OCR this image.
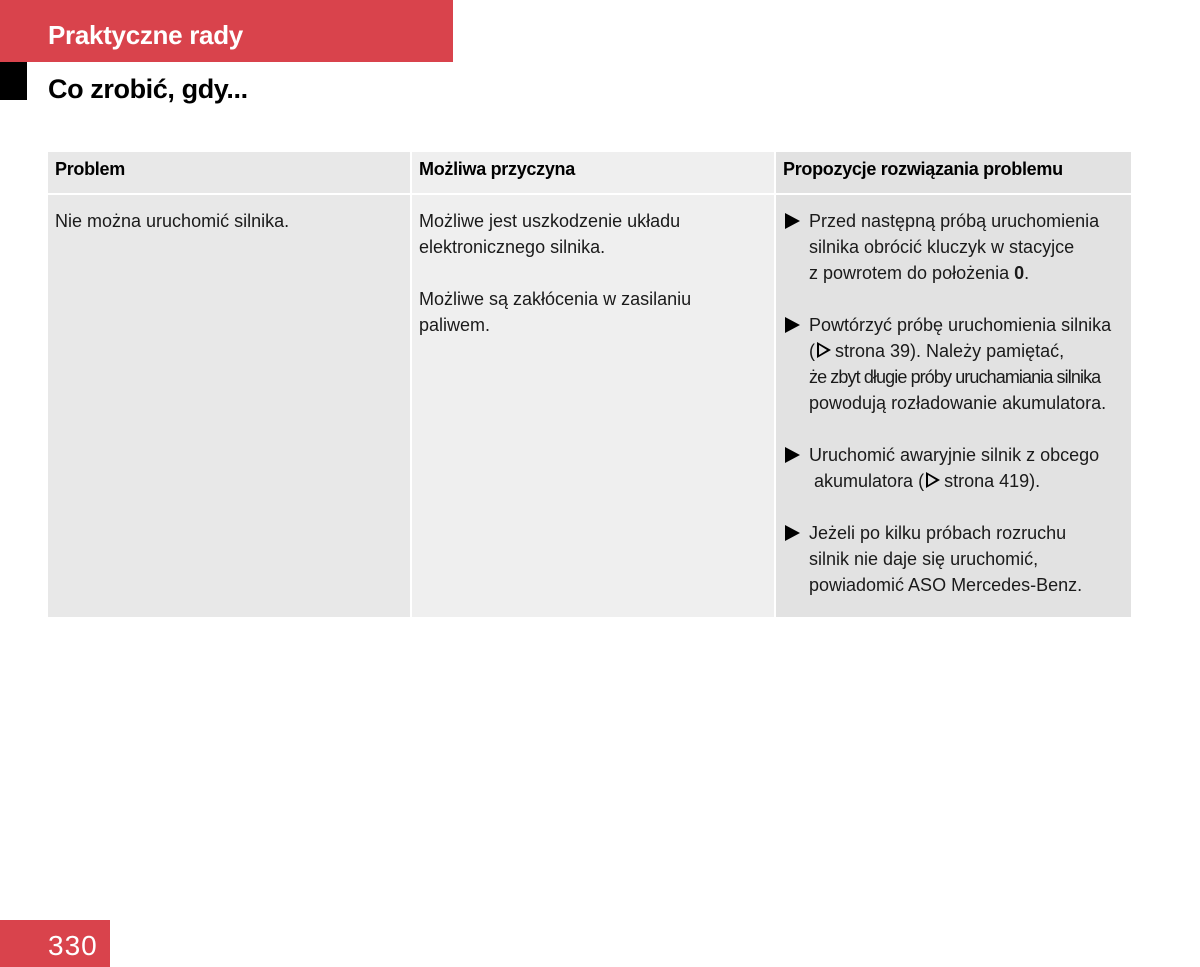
Praktyczne rady
Co zrobić, gdy...
Problem

Nie można uruchomić silnika.

Możliwa przyczyna

Możliwe jest uszkodzenie układu elektronicznego silnika.

Możliwe są zakłócenia w zasilaniu paliwem.

Propozycje rozwiązania problemu
Przed następną próbą uruchomienia
silnika obrócić kluczyk w stacyjce
z powrotem do położenia 0.
Powtórzyć próbę uruchomienia silnika
( strona 39). Należy pamiętać,
że zbyt długie próby uruchamiania silnika
powodują rozładowanie akumulatora.
Uruchomić awaryjnie silnik z obcego
akumulatora ( strona 419).
Jeżeli po kilku próbach rozruchu
silnik nie daje się uruchomić,
powiadomić ASO Mercedes-Benz.
330
